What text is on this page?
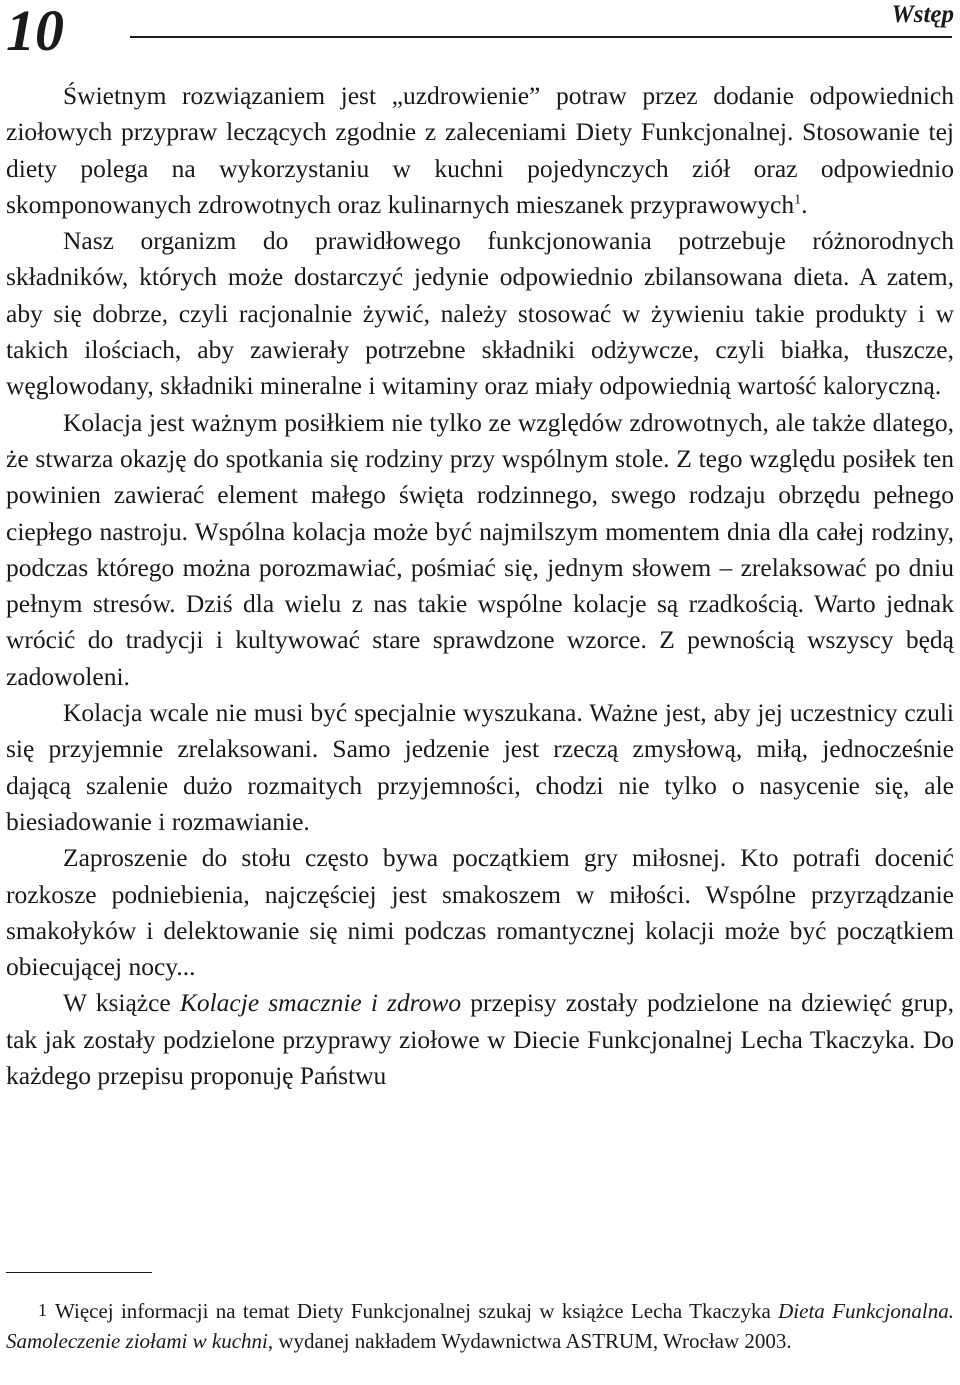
10	Wstęp

Świetnym rozwiązaniem jest „uzdrowienie” potraw przez dodanie odpowiednich ziołowych przypraw leczących zgodnie z zaleceniami Diety Funkcjonalnej. Stosowanie tej diety polega na wykorzystaniu w kuchni pojedynczych ziół oraz odpowiednio skomponowanych zdrowotnych oraz kulinarnych mieszanek przyprawowych$^1$.

Nasz organizm do prawidłowego funkcjonowania potrzebuje różnorodnych składników, których może dostarczyć jedynie odpowiednio zbilansowana dieta. A zatem, aby się dobrze, czyli racjonalnie żywić, należy stosować w żywieniu takie produkty i w takich ilościach, aby zawierały potrzebne składniki odżywcze, czyli białka, tłuszcze, węglowodany, składniki mineralne i witaminy oraz miały odpowiednią wartość kaloryczną.

Kolacja jest ważnym posiłkiem nie tylko ze względów zdrowotnych, ale także dlatego, że stwarza okazję do spotkania się rodziny przy wspólnym stole. Z tego względu posiłek ten powinien zawierać element małego święta rodzinnego, swego rodzaju obrzędu pełnego ciepłego nastroju. Wspólna kolacja może być najmilszym momentem dnia dla całej rodziny, podczas którego można porozmawiać, pośmiać się, jednym słowem – zrelaksować po dniu pełnym stresów. Dziś dla wielu z nas takie wspólne kolacje są rzadkością. Warto jednak wrócić do tradycji i kultywować stare sprawdzone wzorce. Z pewnością wszyscy będą zadowoleni.

Kolacja wcale nie musi być specjalnie wyszukana. Ważne jest, aby jej uczestnicy czuli się przyjemnie zrelaksowani. Samo jedzenie jest rzeczą zmysłową, miłą, jednocześnie dającą szalenie dużo rozmaitych przyjemności, chodzi nie tylko o nasycenie się, ale biesiadowanie i rozmawianie.

Zaproszenie do stołu często bywa początkiem gry miłosnej. Kto potrafi docenić rozkosze podniebienia, najczęściej jest smakoszem w miłości. Wspólne przyrządzanie smakołyków i delektowanie się nimi podczas romantycznej kolacji może być początkiem obiecującej nocy...

W książce Kolacje smacznie i zdrowo przepisy zostały podzielone na dziewięć grup, tak jak zostały podzielone przyprawy ziołowe w Diecie Funkcjonalnej Lecha Tkaczyka. Do każdego przepisu proponuję Państwu

1 Więcej informacji na temat Diety Funkcjonalnej szukaj w książce Lecha Tkaczyka Dieta Funkcjonalna. Samoleczenie ziołami w kuchni, wydanej nakładem Wydawnictwa ASTRUM, Wrocław 2003.
